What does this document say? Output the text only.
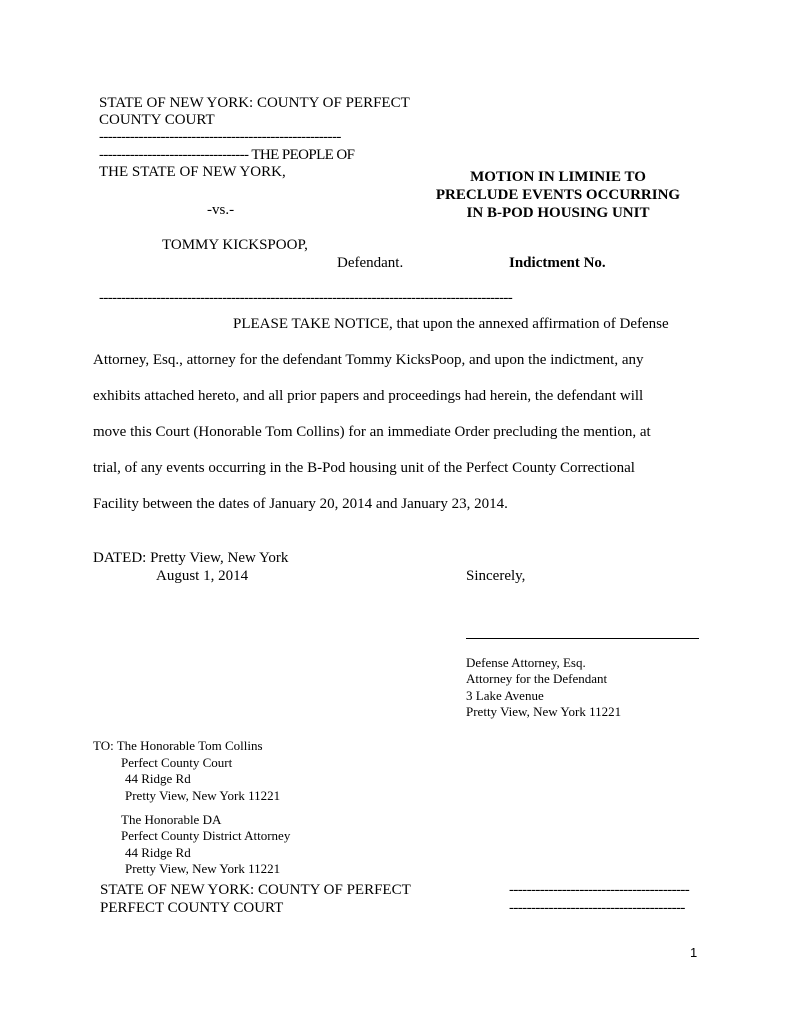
STATE OF NEW YORK: COUNTY OF PERFECT
COUNTY COURT
-------------------------------------------------------
---------------------------------- THE PEOPLE OF
THE STATE OF NEW YORK,
-vs.-
TOMMY KICKSPOOP,
Defendant.
MOTION IN LIMINIE TO
PRECLUDE EVENTS OCCURRING
IN B-POD HOUSING UNIT
Indictment No.
----------------------------------------------------------------------------------------------
PLEASE TAKE NOTICE, that upon the annexed affirmation of Defense
Attorney, Esq., attorney for the defendant Tommy KicksPoop, and upon the indictment, any
exhibits attached hereto, and all prior papers and proceedings had herein, the defendant will
move this Court (Honorable Tom Collins) for an immediate Order precluding the mention, at
trial, of any events occurring in the B-Pod housing unit of the Perfect County Correctional
Facility between the dates of January 20, 2014 and January 23, 2014.
DATED: Pretty View, New York
August 1, 2014	Sincerely,
Defense Attorney, Esq.
Attorney for the Defendant
3 Lake Avenue
Pretty View, New York 11221
TO: The Honorable Tom Collins
Perfect County Court
44 Ridge Rd
Pretty View, New York 11221
The Honorable DA
Perfect County District Attorney
44 Ridge Rd
Pretty View, New York 11221
STATE OF NEW YORK: COUNTY OF PERFECT
PERFECT COUNTY COURT
-----------------------------------------
----------------------------------------
1
